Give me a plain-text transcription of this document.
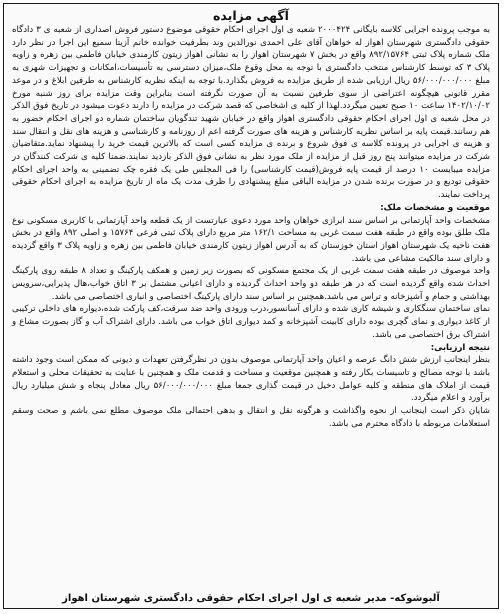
آگهی مزایده

به موجب پرونده اجرایی کلاسه بایگانی ۲۰۰۰۴۲۴ شعبه ی اول اجرای احکام حقوقی موضوع دستور فروش اصداری از شعبه ی ۳ دادگاه حقوقی دادگستری شهرستان اهواز له خواهان آقای علی احمدی نورالدین وند بطرفیت خوانده خانم آزیتا سمیع این اجرا در نظر دارد ملک شماره پلاک ثبتی ۸۹۲/۱۵۷۶۴ واقع در بخش ۷ شهرستان اهواز را به نشانی اهواز زیتون کارمندی خیابان فاطمی بین زهره و زاویه پلاک ۳ که توسط کارشناس منتخب دادگستری با توجه به محل وقوع ملک،میزان دسترسی به تأسیسات،امکانات و تجهیزات شهری به مبلغ ۵۶/۰۰۰/۰۰۰/۰۰۰ ریال ارزیابی شده از طریق مزایده به فروش بگذارد.با توجه به اینکه نظریه کارشناس به طرفین ابلاغ و در موعد مقرر قانونی هیچگونه اعتراضی از سوی طرفین نسبت به آن صورت نگرفته است بنابراین وقت مزایده برای روز شنبه مورخ ۱۴۰۲/۱۰/۰۲ ساعت ۱۰ صبح تعیین میگردد.لهذا از کلیه ی اشخاصی که قصد شرکت در مزایده را دارند دعوت میشود در تاریخ فوق الذکر در محل شعبه ی اول اجرای احکام حقوقی دادگستری اهواز واقع در خیابان شهید تندگویان ساختمان شماره دو اجرای احکام حضور به هم رسانند.قیمت پایه بر اساس نظریه کارشناس و هزینه های صورت گرفته اعم از روزنامه و کارشناسی و هزینه های نقل و انتقال سند و هزینه ی اجرایی در پرونده کلاسه ی فوق شروع و برنده ی مزایده کسی است که بالاترین قیمت خرید را پیشنهاد نماید.متقاضیان شرکت در مزایده میتوانند پنج روز قبل از مزایده از ملک مورد نظر به نشانی فوق الذکر بازدید نمایند.ضمنا کلیه ی شرکت کنندگان در مزایده میبایست ۱۰ درصد از قیمت پایه فروش(قیمت کارشناسی) را فی المجلس طی یک فقره چک تضمینی به واحد اجرای احکام حقوقی تودیع و در صورت برنده شدن در مزایده الباقی مبلغ پیشنهادی را ظرف مدت یک ماه از تاریخ مزایده به اجرای احکام حقوقی پرداخت نمایند.

موقعیت و مشخصات ملک:

مشخصات واحد آپارتمانی بر اساس سند ابرازی خواهان واحد مورد دعوی عبارتست از یک قطعه واحد آپارتمانی با کاربری مسکونی نوع ملک طلق بوده واقع در طبقه هفت سمت غربی به مساحت ۱۶۲/۱ متر مربع دارای پلاک ثبتی فرعی ۱۵۷۶۴ و اصلی ۸۹۲ واقع در بخش هفت ناحیه یک شهرستان اهواز استان خوزستان که به آدرس اهواز زیتون کارمندی خیابان فاطمی بین زهره و زاویه پلاک ۳ واقع گردیده و دارای سند مالکیت مشاعی می باشد.

واحد موصوف در طبقه هفت سمت غربی از یک مجتمع مسکونی که بصورت زیر زمین و همکف پارکینگ و تعداد ۸ طبقه روی پارکینگ احداث شده واقع گردیده است که در هر طبقه دو واحد احداث گردیده و دارای اعیانی مشتمل بر ۳ اتاق خواب،هال پذیرایی،سرویس بهداشتی و حمام و آشپزخانه و تراس می باشد.همچنین بر اساس سند دارای پارکینگ اختصاصی و انباری اختصاصی می باشد.

نمای ساختمان سنگکاری و شیشه کاری شده و دارای آسانسور،درب ورودی واحد ضد سرقت،کف پارکت شده،دیواره های داخلی ترکیبی از کاغذ دیواری و نمای گچری بوده دارای کابینت آشپزخانه و کمد دیواری اتاق خواب می باشد. دارای اشتراک آب و گاز بصورت مشاع و اشتراک برق اختصاصی می باشد.

نتیجه ارزیابی:

بنظر اینجانب ارزش شش دانگ عرصه و اعیان واحد آپارتمانی موصوف بدون در نظرگرفتن تعهدات و دیونی که ممکن است وجود داشته باشد با توجه مصالح و تاسیسات بکار رفته و همچنین موقعیت و مساحت و قدمت ملک و همچنین با عنایت به تحقیقات محلی و استعلام قیمت از املاک های منطقه و کلیه عوامل دخیل در قیمت گذاری جمعا مبلغ ۵۶/۰۰۰/۰۰۰/۰۰۰ ریال معادل پنجاه و شش میلیارد ریال برآورد و اعلام میگردد.

شایان ذکر است اینجانب از نحوه واگذاشت و هرگونه نقل و انتقال و بدهی احتمالی ملک موصوف مطلع نمی باشم و صحت وسقم استعلامات مربوطه با دادگاه محترم می باشد.

آلبوشوکه- مدیر شعبه ی اول اجرای احکام حقوقی دادگستری شهرستان اهواز
